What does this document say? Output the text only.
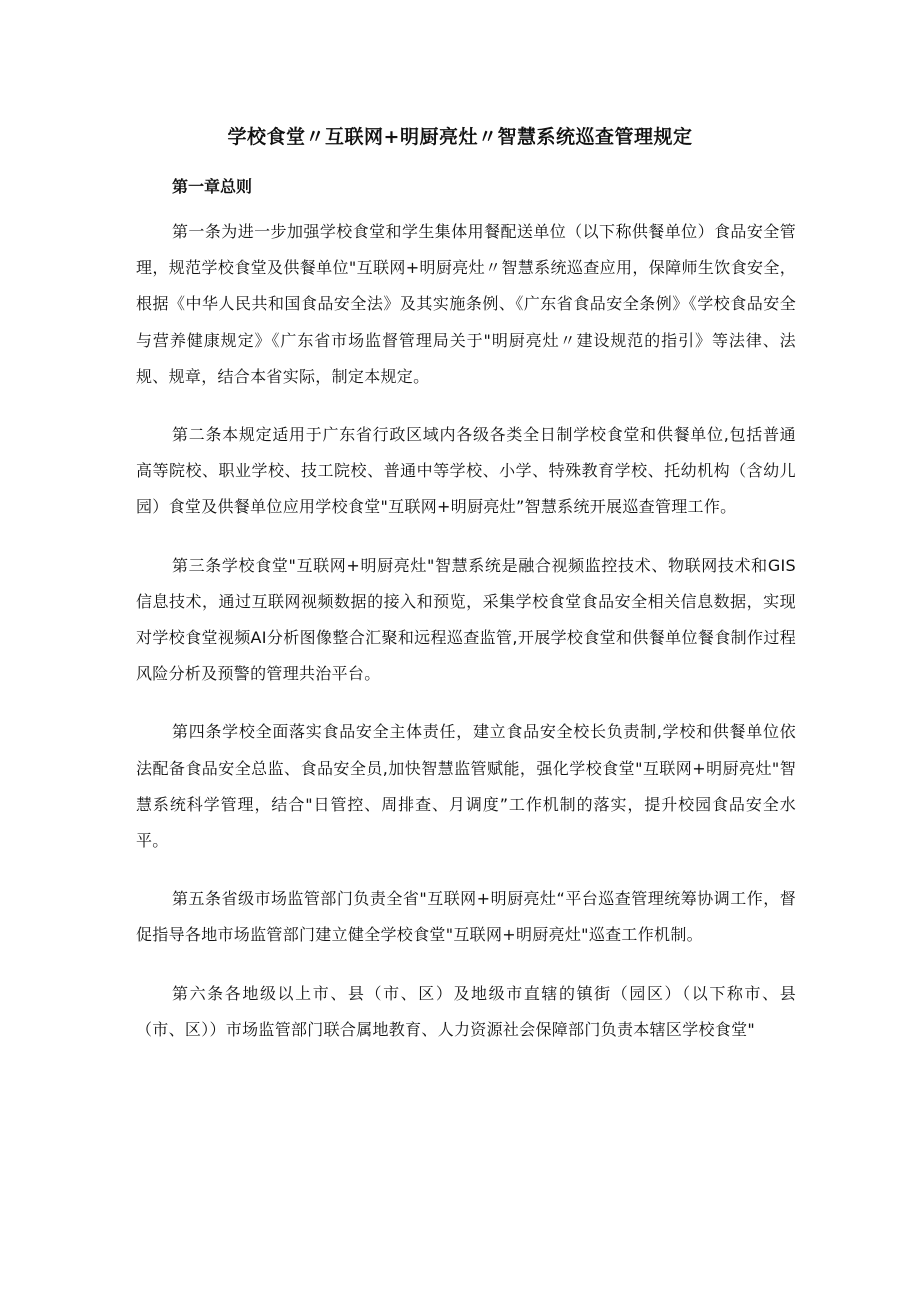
学校食堂〃互联网+明厨亮灶〃智慧系统巡查管理规定
第一章总则

第一条为进一步加强学校食堂和学生集体用餐配送单位（以下称供餐单位）食品安全管理，规范学校食堂及供餐单位"互联网+明厨亮灶〃智慧系统巡查应用，保障师生饮食安全，根据《中华人民共和国食品安全法》及其实施条例、《广东省食品安全条例》《学校食品安全与营养健康规定》《广东省市场监督管理局关于"明厨亮灶〃建设规范的指引》等法律、法规、规章，结合本省实际，制定本规定。

第二条本规定适用于广东省行政区域内各级各类全日制学校食堂和供餐单位,包括普通高等院校、职业学校、技工院校、普通中等学校、小学、特殊教育学校、托幼机构（含幼儿园）食堂及供餐单位应用学校食堂"互联网+明厨亮灶”智慧系统开展巡查管理工作。

第三条学校食堂"互联网+明厨亮灶"智慧系统是融合视频监控技术、物联网技术和GIS信息技术，通过互联网视频数据的接入和预览，采集学校食堂食品安全相关信息数据，实现对学校食堂视频AI分析图像整合汇聚和远程巡查监管,开展学校食堂和供餐单位餐食制作过程风险分析及预警的管理共治平台。

第四条学校全面落实食品安全主体责任，建立食品安全校长负责制,学校和供餐单位依法配备食品安全总监、食品安全员,加快智慧监管赋能，强化学校食堂"互联网+明厨亮灶"智慧系统科学管理，结合"日管控、周排查、月调度”工作机制的落实，提升校园食品安全水平。

第五条省级市场监管部门负责全省"互联网+明厨亮灶“平台巡查管理统筹协调工作，督促指导各地市场监管部门建立健全学校食堂"互联网+明厨亮灶"巡查工作机制。

第六条各地级以上市、县（市、区）及地级市直辖的镇街（园区）（以下称市、县（市、区））市场监管部门联合属地教育、人力资源社会保障部门负责本辖区学校食堂"
